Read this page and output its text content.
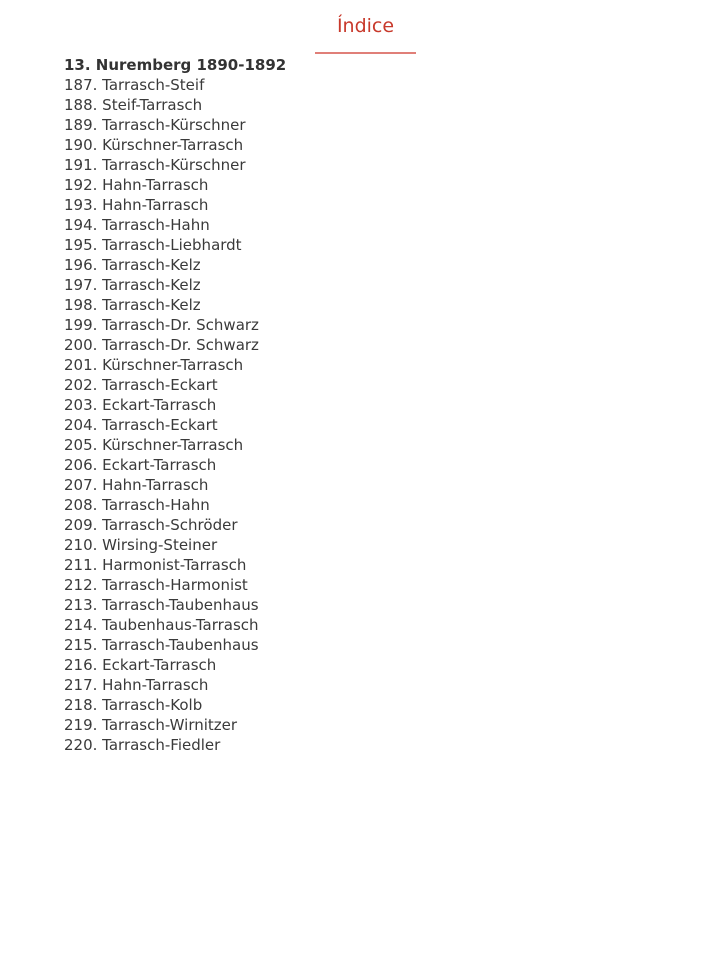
Índice
13. Nuremberg 1890-1892
187. Tarrasch-Steif
188. Steif-Tarrasch
189. Tarrasch-Kürschner
190. Kürschner-Tarrasch
191. Tarrasch-Kürschner
192. Hahn-Tarrasch
193. Hahn-Tarrasch
194. Tarrasch-Hahn
195. Tarrasch-Liebhardt
196. Tarrasch-Kelz
197. Tarrasch-Kelz
198. Tarrasch-Kelz
199. Tarrasch-Dr. Schwarz
200. Tarrasch-Dr. Schwarz
201. Kürschner-Tarrasch
202. Tarrasch-Eckart
203. Eckart-Tarrasch
204. Tarrasch-Eckart
205. Kürschner-Tarrasch
206. Eckart-Tarrasch
207. Hahn-Tarrasch
208. Tarrasch-Hahn
209. Tarrasch-Schröder
210. Wirsing-Steiner
211. Harmonist-Tarrasch
212. Tarrasch-Harmonist
213. Tarrasch-Taubenhaus
214. Taubenhaus-Tarrasch
215. Tarrasch-Taubenhaus
216. Eckart-Tarrasch
217. Hahn-Tarrasch
218. Tarrasch-Kolb
219. Tarrasch-Wirnitzer
220. Tarrasch-Fiedler
